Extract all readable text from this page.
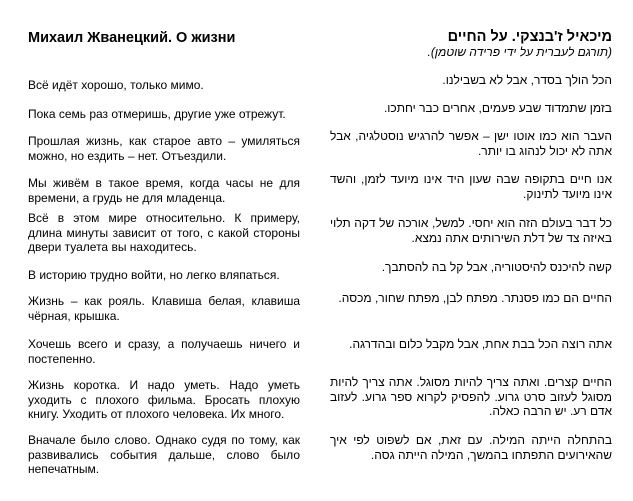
Михаил Жванецкий. О жизни

Всё идёт хорошо, только мимо.

Пока семь раз отмеришь, другие уже отрежут.

Прошлая жизнь, как старое авто – умиляться можно, но ездить – нет. Отъездили.

Мы живём в такое время, когда часы не для времени, а грудь не для младенца.

Всё в этом мире относительно. К примеру, длина минуты зависит от того, с какой стороны двери туалета вы находитесь.

В историю трудно войти, но легко вляпаться.

Жизнь – как рояль. Клавиша белая, клавиша чёрная, крышка.

Хочешь всего и сразу, а получаешь ничего и постепенно.

Жизнь коротка. И надо уметь. Надо уметь уходить с плохого фильма. Бросать плохую книгу. Уходить от плохого человека. Их много.

Вначале было слово. Однако судя по тому, как развивались события дальше, слово было непечатным.

מיכאיל ז'בנצקי. על החיים
(תורגם לעברית על ידי פרידה שוטמן).

הכל הולך בסדר, אבל לא בשבילנו.

בזמן שתמדוד שבע פעמים, אחרים כבר יחתכו.

העבר הוא כמו אוטו ישן – אפשר להרגיש נוסטלגיה, אבל אתה לא יכול לנהוג בו יותר.

אנו חיים בתקופה שבה שעון היד אינו מיועד לזמן, והשד אינו מיועד לתינוק.

כל דבר בעולם הזה הוא יחסי. למשל, אורכה של דקה תלוי באיזה צד של דלת השירותים אתה נמצא.

קשה להיכנס להיסטוריה, אבל קל בה להסתבך.

החיים הם כמו פסנתר. מפתח לבן, מפתח שחור, מכסה.

אתה רוצה הכל בבת אחת, אבל מקבל כלום ובהדרגה.

החיים קצרים. ואתה צריך להיות מסוגל. אתה צריך להיות מסוגל לעזוב סרט גרוע. להפסיק לקרוא ספר גרוע. לעזוב אדם רע. יש הרבה כאלה.

בהתחלה הייתה המילה. עם זאת, אם לשפוט לפי איך שהאירועים התפתחו בהמשך, המילה הייתה גסה.
